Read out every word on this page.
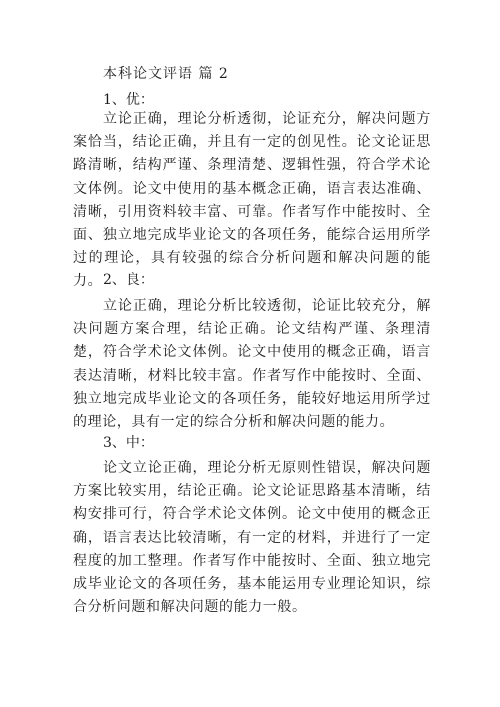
本科论文评语 篇 2
1、优：
立论正确，理论分析透彻，论证充分，解决问题方案恰当，结论正确，并且有一定的创见性。论文论证思路清晰，结构严谨、条理清楚、逻辑性强，符合学术论文体例。论文中使用的基本概念正确，语言表达准确、清晰，引用资料较丰富、可靠。作者写作中能按时、全面、独立地完成毕业论文的各项任务，能综合运用所学过的理论，具有较强的综合分析问题和解决问题的能力。 2、良：
立论正确，理论分析比较透彻，论证比较充分，解决问题方案合理，结论正确。论文结构严谨、条理清楚，符合学术论文体例。论文中使用的概念正确，语言表达清晰，材料比较丰富。作者写作中能按时、全面、独立地完成毕业论文的各项任务，能较好地运用所学过的理论，具有一定的综合分析和解决问题的能力。
3、中：
论文立论正确，理论分析无原则性错误，解决问题方案比较实用，结论正确。论文论证思路基本清晰，结构安排可行，符合学术论文体例。论文中使用的概念正确，语言表达比较清晰，有一定的材料，并进行了一定程度的加工整理。作者写作中能按时、全面、独立地完成毕业论文的各项任务，基本能运用专业理论知识，综合分析问题和解决问题的能力一般。
